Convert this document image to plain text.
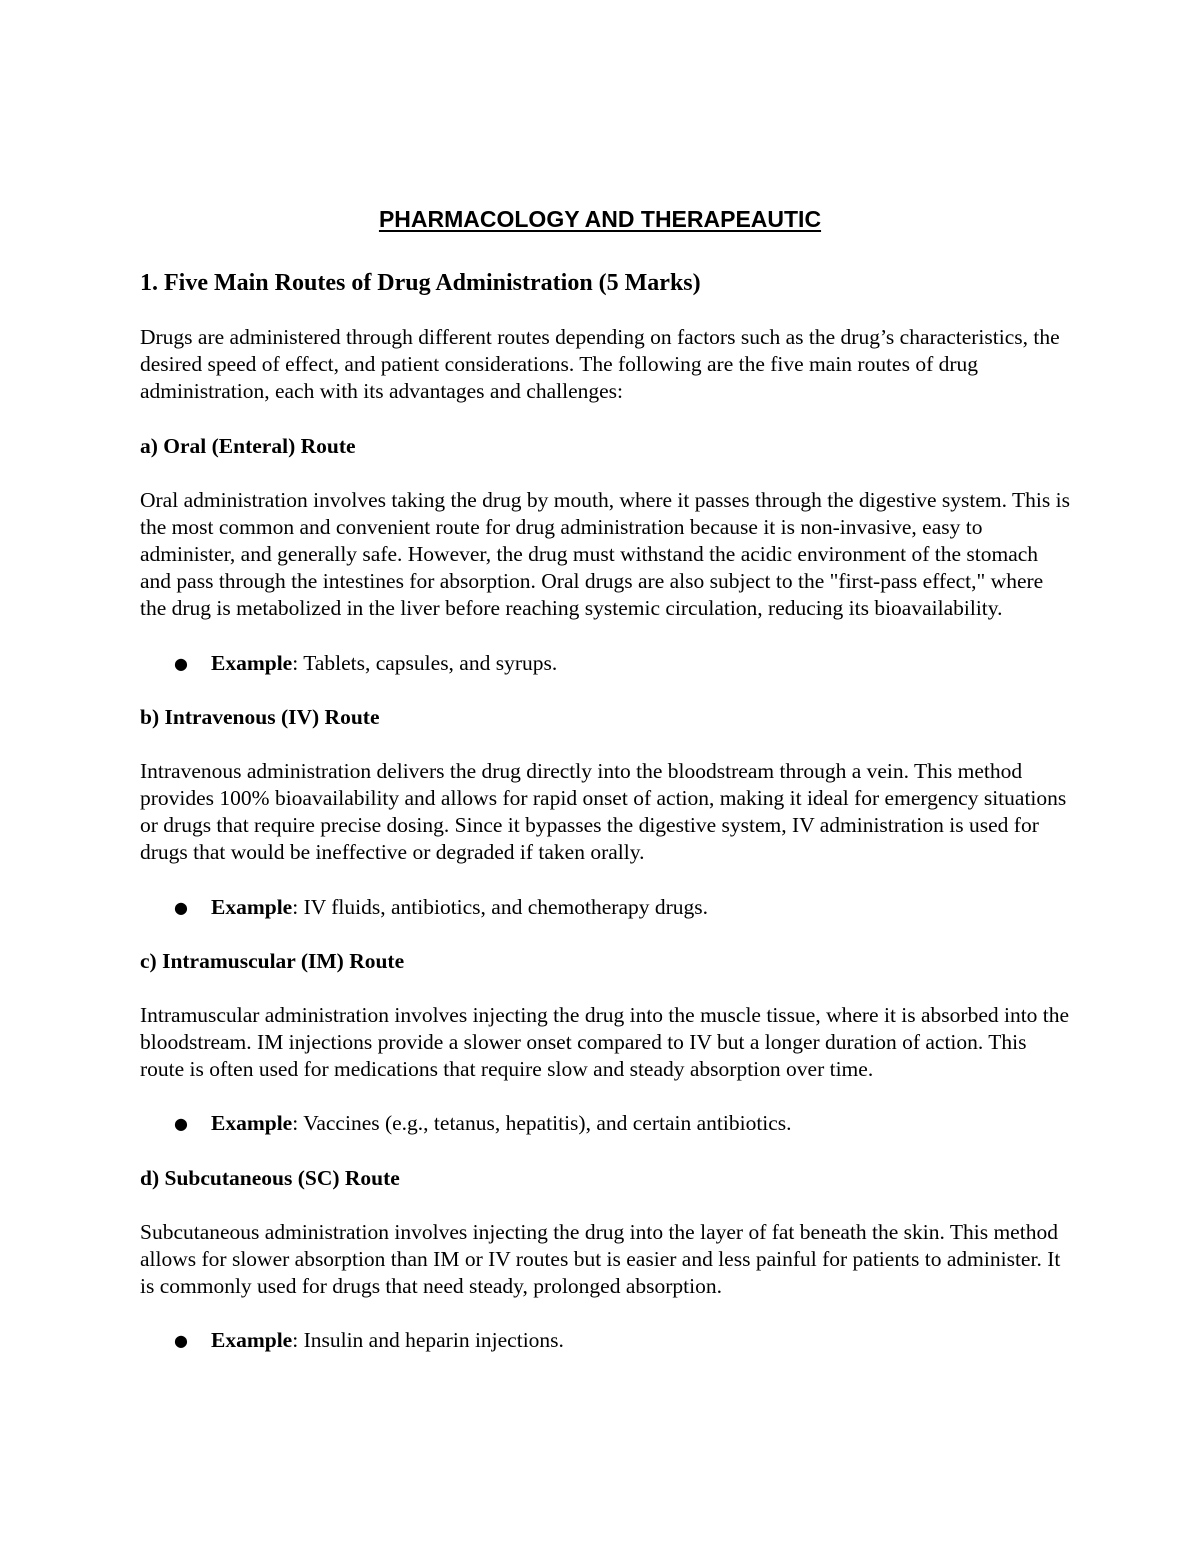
PHARMACOLOGY AND THERAPEAUTIC
1. Five Main Routes of Drug Administration (5 Marks)

Drugs are administered through different routes depending on factors such as the drug’s characteristics, the desired speed of effect, and patient considerations. The following are the five main routes of drug administration, each with its advantages and challenges:

a) Oral (Enteral) Route

Oral administration involves taking the drug by mouth, where it passes through the digestive system. This is the most common and convenient route for drug administration because it is non-invasive, easy to administer, and generally safe. However, the drug must withstand the acidic environment of the stomach and pass through the intestines for absorption. Oral drugs are also subject to the "first-pass effect," where the drug is metabolized in the liver before reaching systemic circulation, reducing its bioavailability.

● Example: Tablets, capsules, and syrups.
b) Intravenous (IV) Route

Intravenous administration delivers the drug directly into the bloodstream through a vein. This method provides 100% bioavailability and allows for rapid onset of action, making it ideal for emergency situations or drugs that require precise dosing. Since it bypasses the digestive system, IV administration is used for drugs that would be ineffective or degraded if taken orally.

● Example: IV fluids, antibiotics, and chemotherapy drugs.
c) Intramuscular (IM) Route

Intramuscular administration involves injecting the drug into the muscle tissue, where it is absorbed into the bloodstream. IM injections provide a slower onset compared to IV but a longer duration of action. This route is often used for medications that require slow and steady absorption over time.

● Example: Vaccines (e.g., tetanus, hepatitis), and certain antibiotics.
d) Subcutaneous (SC) Route

Subcutaneous administration involves injecting the drug into the layer of fat beneath the skin. This method allows for slower absorption than IM or IV routes but is easier and less painful for patients to administer. It is commonly used for drugs that need steady, prolonged absorption.

● Example: Insulin and heparin injections.
